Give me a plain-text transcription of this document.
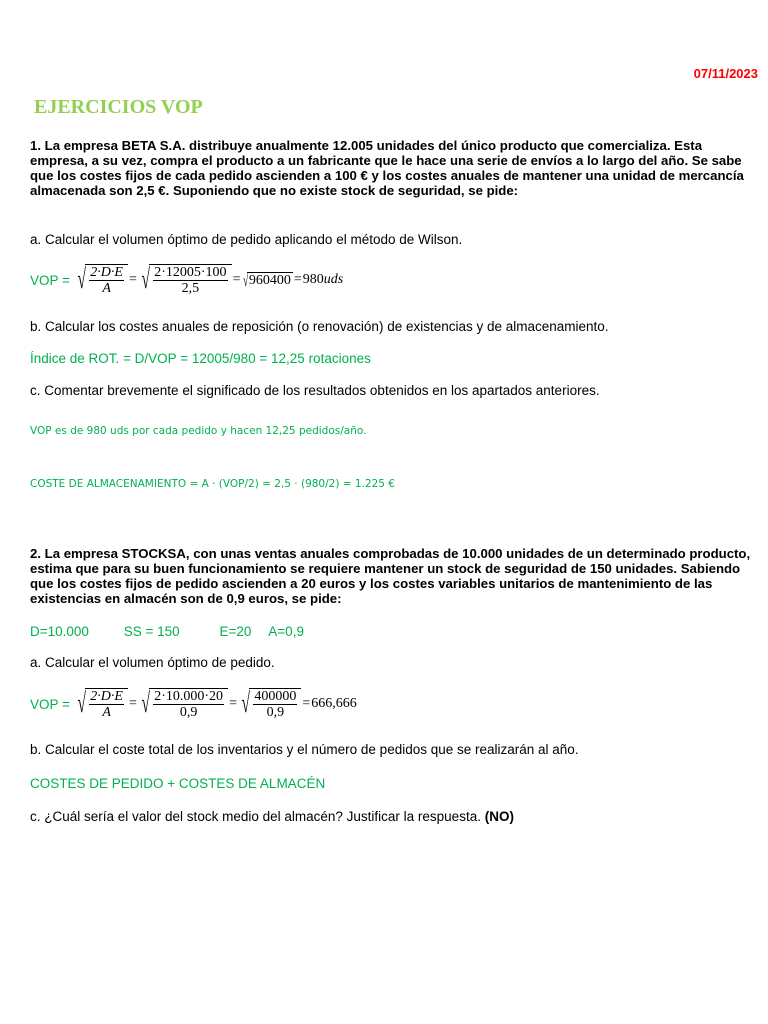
07/11/2023
EJERCICIOS VOP
1. La empresa BETA S.A. distribuye anualmente 12.005 unidades del único producto que comercializa. Esta empresa, a su vez, compra el producto a un fabricante que le hace una serie de envíos a lo largo del año. Se sabe que los costes fijos de cada pedido ascienden a 100 € y los costes anuales de mantener una unidad de mercancía almacenada son 2,5 €. Suponiendo que no existe stock de seguridad, se pide:
a. Calcular el volumen óptimo de pedido aplicando el método de Wilson.
VOP = √ $\frac{2\cdot D\cdot E}{A}$ = √ $\frac{2\cdot 12005\cdot 100}{2,5}$ = √ 960400 = 980 uds
b. Calcular los costes anuales de reposición (o renovación) de existencias y de almacenamiento.
Índice de ROT. = D/VOP = 12005/980 = 12,25 rotaciones
c. Comentar brevemente el significado de los resultados obtenidos en los apartados anteriores.
VOP es de 980 uds por cada pedido y hacen 12,25 pedidos/año.
COSTE DE ALMACENAMIENTO = A · (VOP/2) = 2,5 · (980/2) = 1.225 €
2. La empresa STOCKSA, con unas ventas anuales comprobadas de 10.000 unidades de un determinado producto, estima que para su buen funcionamiento se requiere mantener un stock de seguridad de 150 unidades. Sabiendo que los costes fijos de pedido ascienden a 20 euros y los costes variables unitarios de mantenimiento de las existencias en almacén son de 0,9 euros, se pide:
D=10.000	SS = 150	E=20 A=0,9
a. Calcular el volumen óptimo de pedido.
VOP = √ $\frac{2\cdot D\cdot E}{A}$ = √ $\frac{2\cdot 10.000\cdot 20}{0,9}$ = √ $\frac{400000}{0,9} = 666,666$
b. Calcular el coste total de los inventarios y el número de pedidos que se realizarán al año.
COSTES DE PEDIDO + COSTES DE ALMACÉN
c. ¿Cuál sería el valor del stock medio del almacén? Justificar la respuesta. (NO)
